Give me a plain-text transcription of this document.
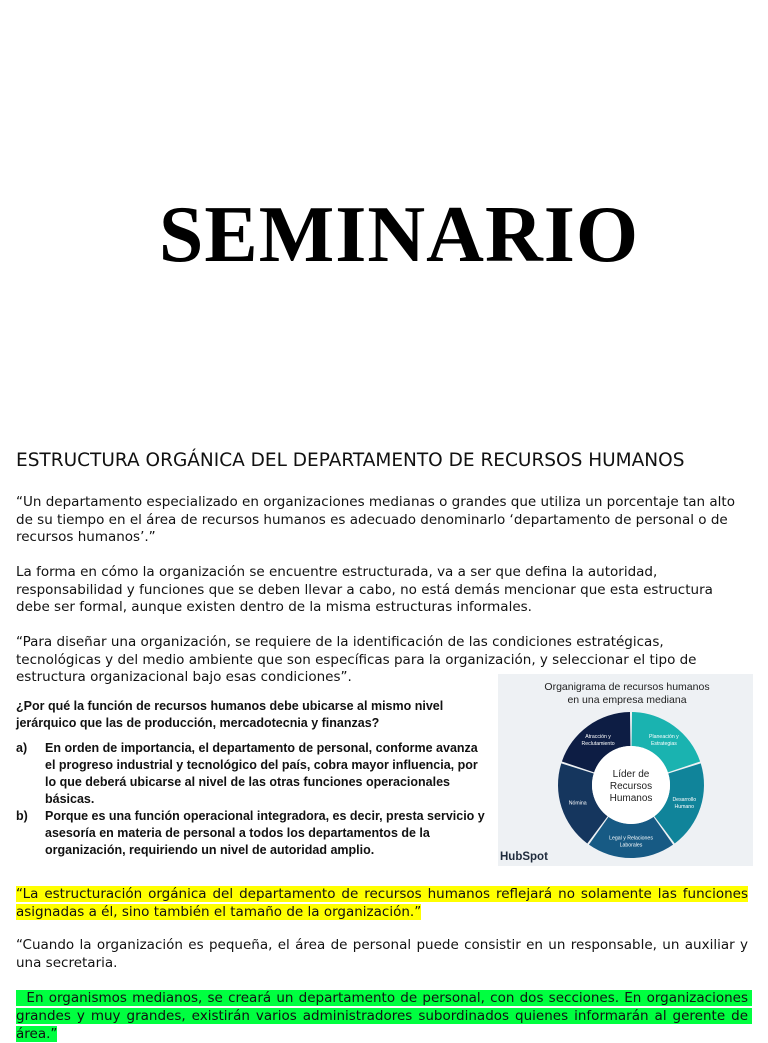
SEMINARIO
ESTRUCTURA ORGÁNICA DEL DEPARTAMENTO DE RECURSOS HUMANOS
“Un departamento especializado en organizaciones medianas o grandes que utiliza un porcentaje tan alto de su tiempo en el área de recursos humanos es adecuado denominarlo ‘departamento de personal o de recursos humanos’.”
La forma en cómo la organización se encuentre estructurada, va a ser que defina la autoridad, responsabilidad y funciones que se deben llevar a cabo, no está demás mencionar que esta estructura debe ser formal, aunque existen dentro de la misma estructuras informales.
“Para diseñar una organización, se requiere de la identificación de las condiciones estratégicas, tecnológicas y del medio ambiente que son específicas para la organización, y seleccionar el tipo de estructura organizacional bajo esas condiciones”.
¿Por qué la función de recursos humanos debe ubicarse al mismo nivel jerárquico que las de producción, mercadotecnia y finanzas?
a)	En orden de importancia, el departamento de personal, conforme avanza el progreso industrial y tecnológico del país, cobra mayor influencia, por lo que deberá ubicarse al nivel de las otras funciones operacionales básicas.
b)	Porque es una función operacional integradora, es decir, presta servicio y asesoría en materia de personal a todos los departamentos de la organización, requiriendo un nivel de autoridad amplio.
Organigrama de recursos humanos
en una empresa mediana
Líder de
Recursos
Humanos
Planeación y
Estrategias
Desarrollo
Humano
Legal y Relaciones
Laborales
Nómina
Atracción y
Reclutamiento
HubSpot
“La estructuración orgánica del departamento de recursos humanos reflejará no solamente las funciones asignadas a él, sino también el tamaño de la organización.”
“Cuando la organización es pequeña, el área de personal puede consistir en un responsable, un auxiliar y una secretaria.
En organismos medianos, se creará un departamento de personal, con dos secciones. En organizaciones grandes y muy grandes, existirán varios administradores subordinados quienes informarán al gerente de área.”
